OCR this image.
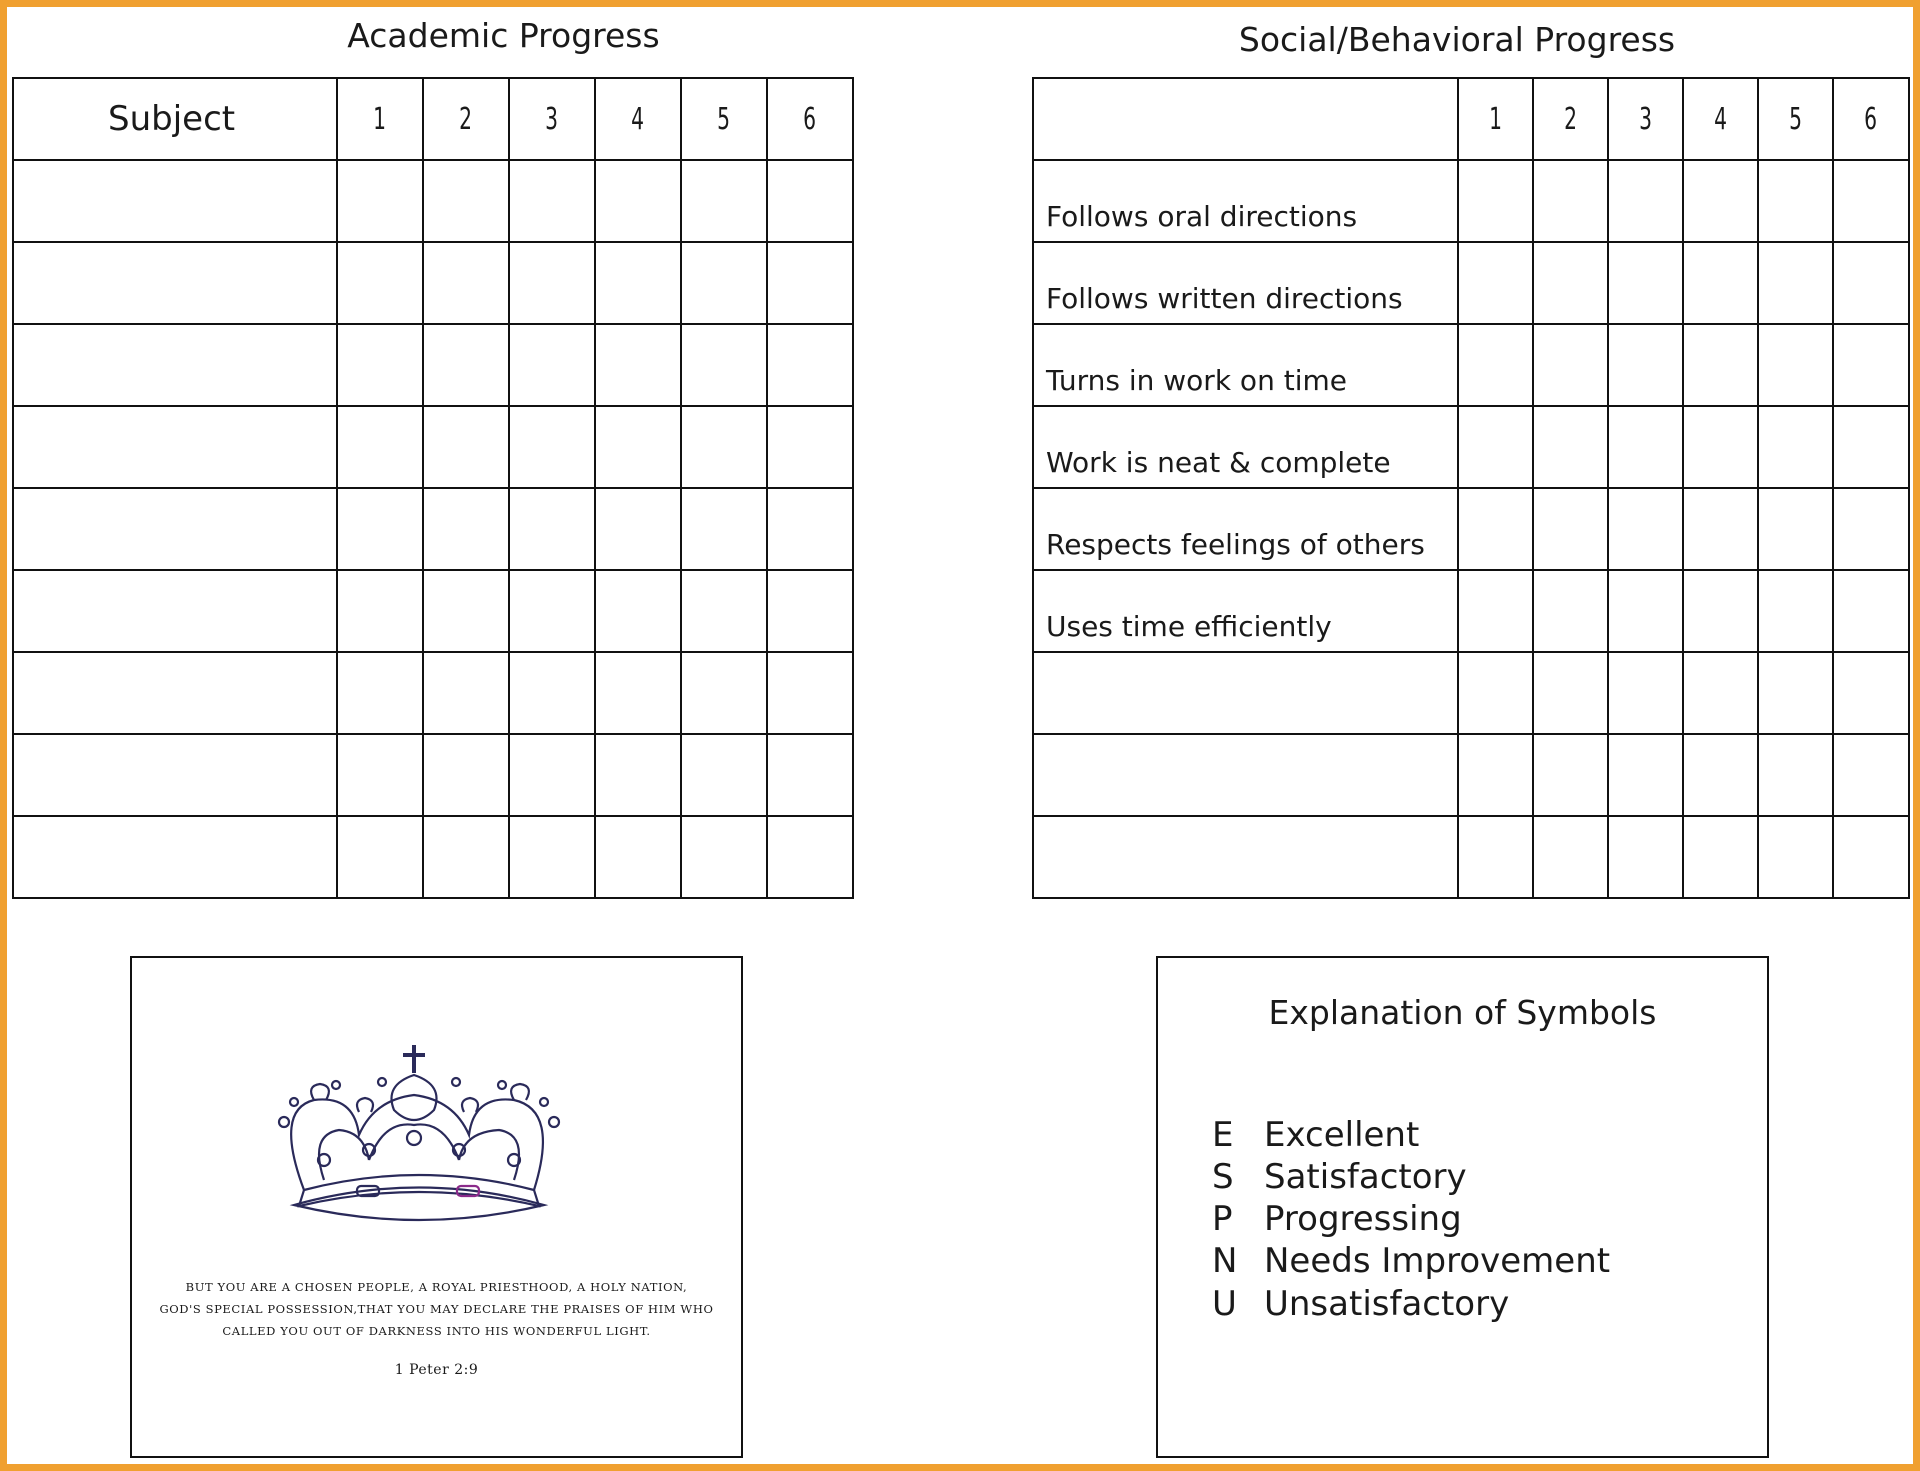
Academic Progress
Subject	1	2	3	4	5	6

Social/Behavioral Progress
	1	2	3	4	5	6
Follows oral directions						
Follows written directions						
Turns in work on time						
Work is neat & complete						
Respects feelings of others						
Uses time efficiently						

BUT YOU ARE A CHOSEN PEOPLE, A ROYAL PRIESTHOOD, A HOLY NATION,
GOD'S SPECIAL POSSESSION,THAT YOU MAY DECLARE THE PRAISES OF HIM WHO
CALLED YOU OUT OF DARKNESS INTO HIS WONDERFUL LIGHT.
1 Peter 2:9
Explanation of Symbols
E Excellent
S Satisfactory
P Progressing
N Needs Improvement
U Unsatisfactory
